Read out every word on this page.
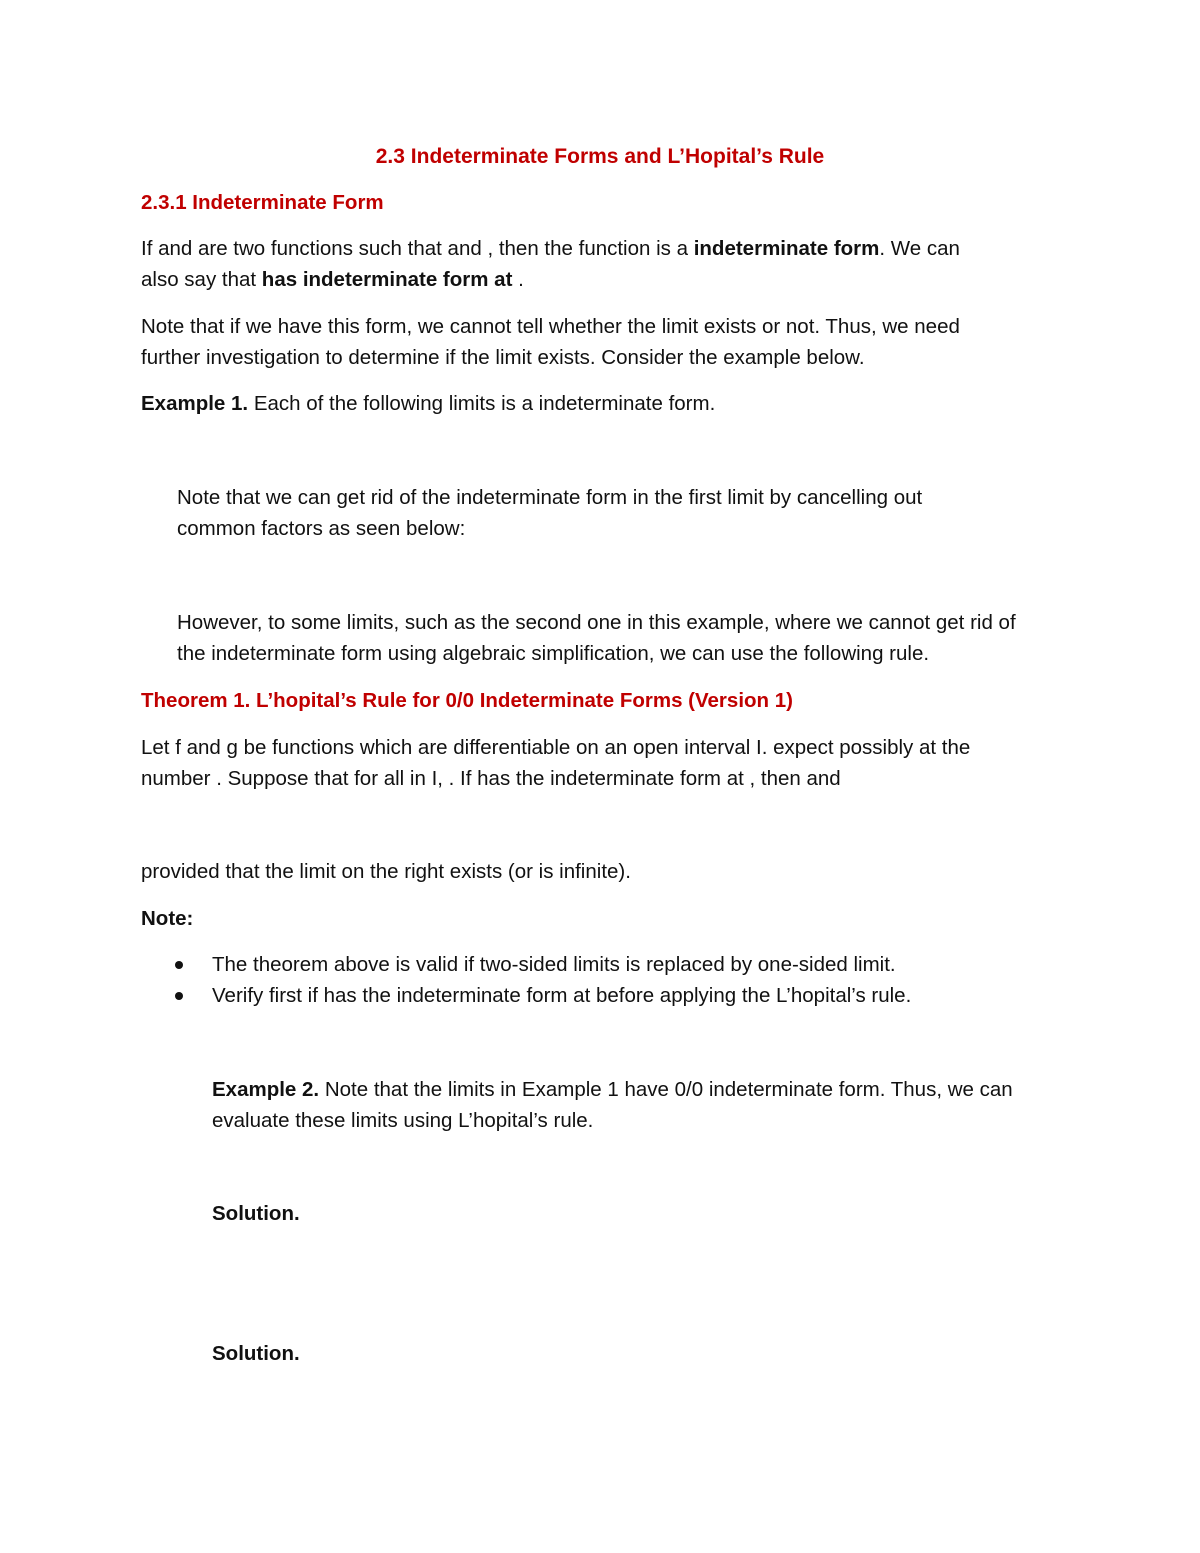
2.3 Indeterminate Forms and L’Hopital’s Rule

2.3.1 Indeterminate Form

If and are two functions such that and , then the function is a indeterminate form. We can

also say that has indeterminate form at .

Note that if we have this form, we cannot tell whether the limit exists or not. Thus, we need

further investigation to determine if the limit exists. Consider the example below.

Example 1. Each of the following limits is a indeterminate form.

Note that we can get rid of the indeterminate form in the first limit by cancelling out

common factors as seen below:

However, to some limits, such as the second one in this example, where we cannot get rid of

the indeterminate form using algebraic simplification, we can use the following rule.

Theorem 1. L’hopital’s Rule for 0/0 Indeterminate Forms (Version 1)

Let f and g be functions which are differentiable on an open interval I. expect possibly at the

number . Suppose that for all in I, . If has the indeterminate form at , then and

provided that the limit on the right exists (or is infinite).

Note:

The theorem above is valid if two-sided limits is replaced by one-sided limit.

Verify first if has the indeterminate form at before applying the L’hopital’s rule.

Example 2. Note that the limits in Example 1 have 0/0 indeterminate form. Thus, we can

evaluate these limits using L’hopital’s rule.

Solution.

Solution.
